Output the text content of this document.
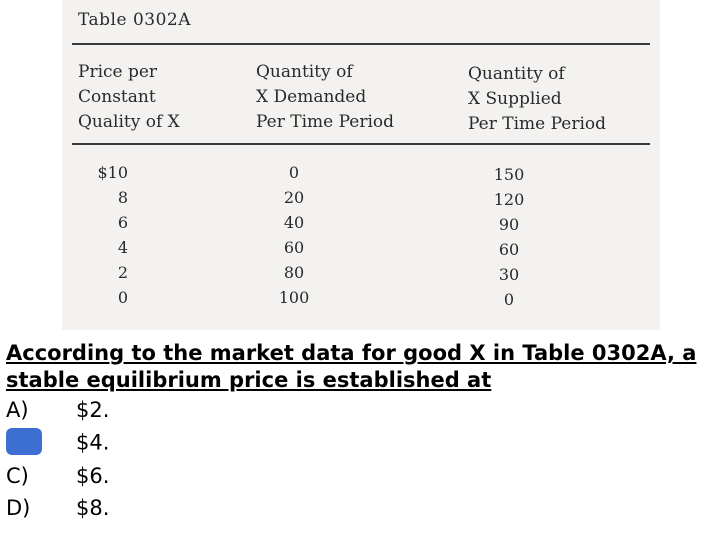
Table 0302A
Price per
Constant
Quality of X
Quantity of
X Demanded
Per Time Period
Quantity of
X Supplied
Per Time Period
$10
8
6
4
2
0
0
20
40
60
80
100
150
120
90
60
30
0
According to the market data for good X in Table 0302A, a
stable equilibrium price is established at
A) $2.
$4.
C) $6.
D) $8.
